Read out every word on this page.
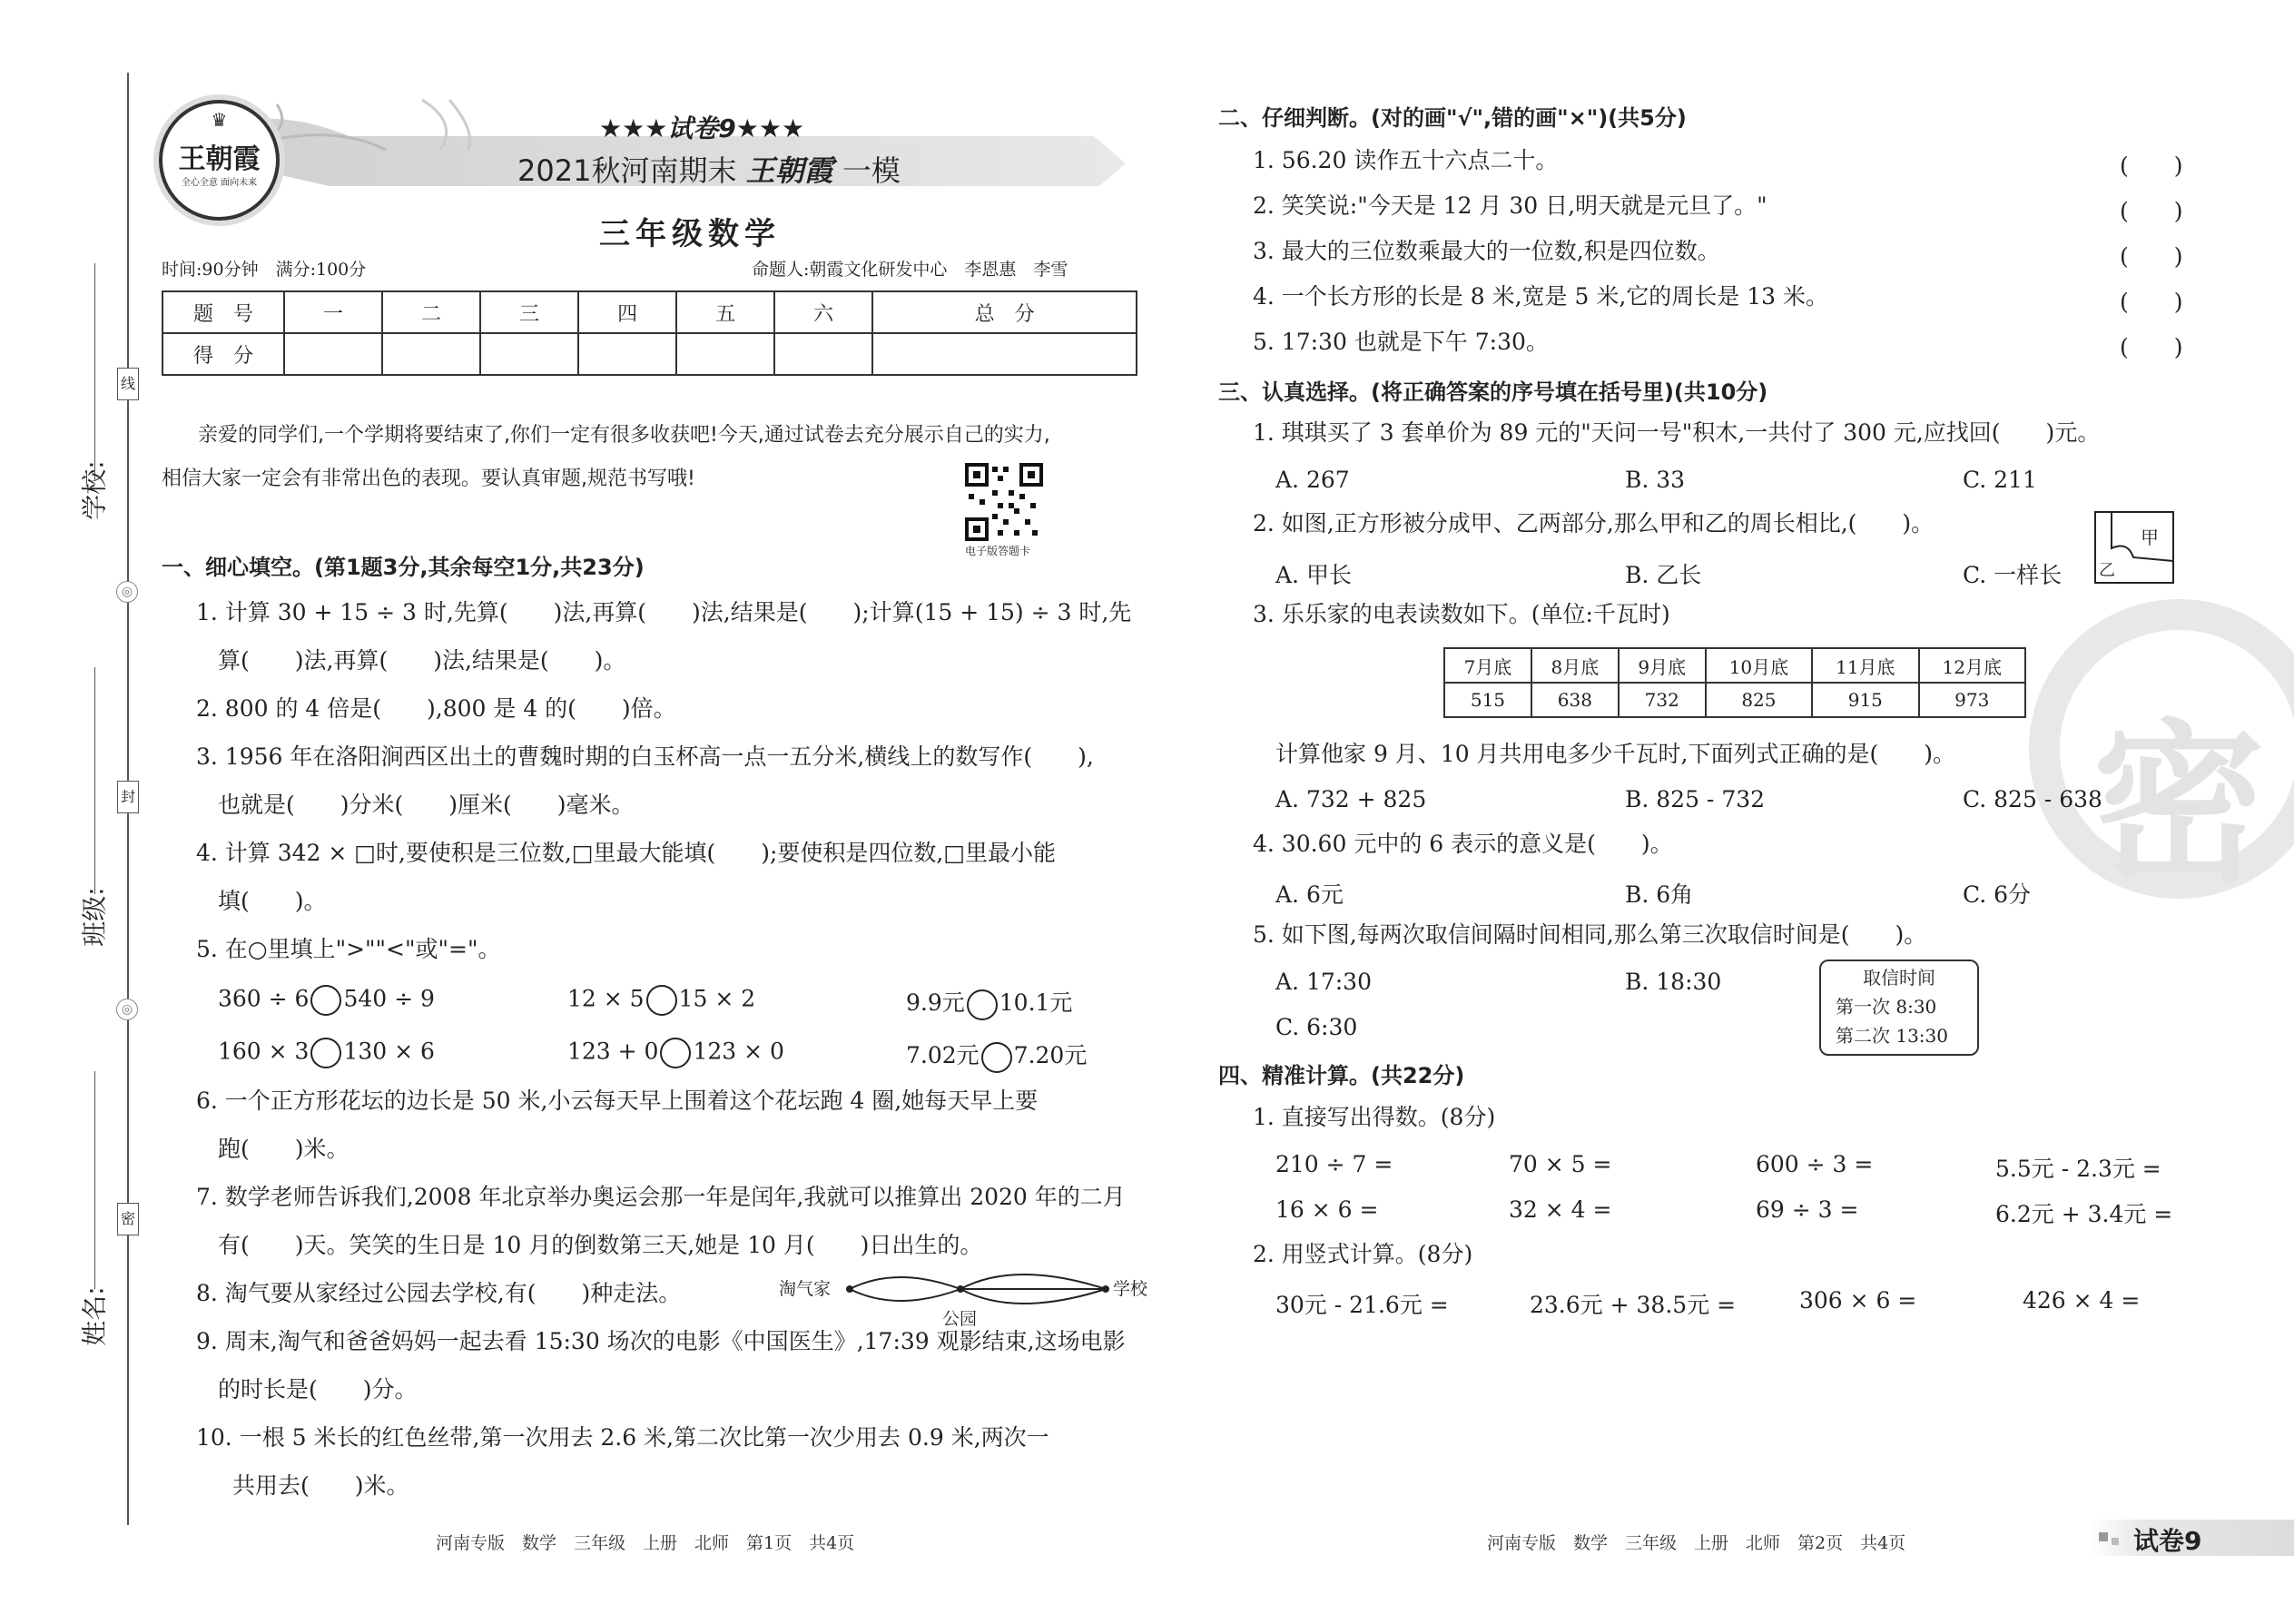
学校:
班级:
姓名:
线
封
密
◎
◎
♛
王朝霞
全心全意 面向未来
★★★试卷9★★★
2021秋河南期末 王朝霞 一模
三年级数学
时间:90分钟　满分:100分	命题人:朝霞文化研发中心　李恩惠　李雪
题　号	一	二	三	四	五	六	总　分
得　分							
亲爱的同学们,一个学期将要结束了,你们一定有很多收获吧!今天,通过试卷去充分展示自己的实力,
相信大家一定会有非常出色的表现。要认真审题,规范书写哦!
电子版答题卡
一、细心填空。(第1题3分,其余每空1分,共23分)
1. 计算 30 + 15 ÷ 3 时,先算(　　)法,再算(　　)法,结果是(　　);计算(15 + 15) ÷ 3 时,先
算(　　)法,再算(　　)法,结果是(　　)。
2. 800 的 4 倍是(　　),800 是 4 的(　　)倍。
3. 1956 年在洛阳涧西区出土的曹魏时期的白玉杯高一点一五分米,横线上的数写作(　　),
也就是(　　)分米(　　)厘米(　　)毫米。
4. 计算 342 × □时,要使积是三位数,□里最大能填(　　);要使积是四位数,□里最小能
填(　　)。
5. 在○里填上">""<"或"="。
360 ÷ 6 540 ÷ 9	12 × 5 15 × 2	9.9元 10.1元
160 × 3 130 × 6	123 + 0 123 × 0	7.02元 7.20元
6. 一个正方形花坛的边长是 50 米,小云每天早上围着这个花坛跑 4 圈,她每天早上要
跑(　　)米。
7. 数学老师告诉我们,2008 年北京举办奥运会那一年是闰年,我就可以推算出 2020 年的二月
有(　　)天。笑笑的生日是 10 月的倒数第三天,她是 10 月(　　)日出生的。
8. 淘气要从家经过公园去学校,有(　　)种走法。	淘气家
公园
学校
9. 周末,淘气和爸爸妈妈一起去看 15:30 场次的电影《中国医生》,17:39 观影结束,这场电影
的时长是(　　)分。
10. 一根 5 米长的红色丝带,第一次用去 2.6 米,第二次比第一次少用去 0.9 米,两次一
共用去(　　)米。
河南专版　数学　三年级　上册　北师　第1页　共4页
密
二、仔细判断。(对的画"√",错的画"×")(共5分)
1. 56.20 读作五十六点二十。
2. 笑笑说:"今天是 12 月 30 日,明天就是元旦了。"
3. 最大的三位数乘最大的一位数,积是四位数。
4. 一个长方形的长是 8 米,宽是 5 米,它的周长是 13 米。
5. 17:30 也就是下午 7:30。
(　　)
(　　)
(　　)
(　　)
(　　)
三、认真选择。(将正确答案的序号填在括号里)(共10分)
1. 琪琪买了 3 套单价为 89 元的"天问一号"积木,一共付了 300 元,应找回(　　)元。
A. 267	B. 33	C. 211
2. 如图,正方形被分成甲、乙两部分,那么甲和乙的周长相比,(　　)。
A. 甲长	B. 乙长	C. 一样长
甲
乙
3. 乐乐家的电表读数如下。(单位:千瓦时)
7月底	8月底	9月底	10月底	11月底	12月底
515	638	732	825	915	973
计算他家 9 月、10 月共用电多少千瓦时,下面列式正确的是(　　)。
A. 732 + 825	B. 825 - 732	C. 825 - 638
4. 30.60 元中的 6 表示的意义是(　　)。
A. 6元	B. 6角	C. 6分
5. 如下图,每两次取信间隔时间相同,那么第三次取信时间是(　　)。
A. 17:30	B. 18:30
C. 6:30
取信时间
第一次 8:30
第二次 13:30
四、精准计算。(共22分)
1. 直接写出得数。(8分)
210 ÷ 7 =	70 × 5 =	600 ÷ 3 =	5.5元 - 2.3元 =
16 × 6 =	32 × 4 =	69 ÷ 3 =	6.2元 + 3.4元 =
2. 用竖式计算。(8分)
30元 - 21.6元 =	23.6元 + 38.5元 =	306 × 6 =	426 × 4 =
河南专版　数学　三年级　上册　北师　第2页　共4页	试卷9
